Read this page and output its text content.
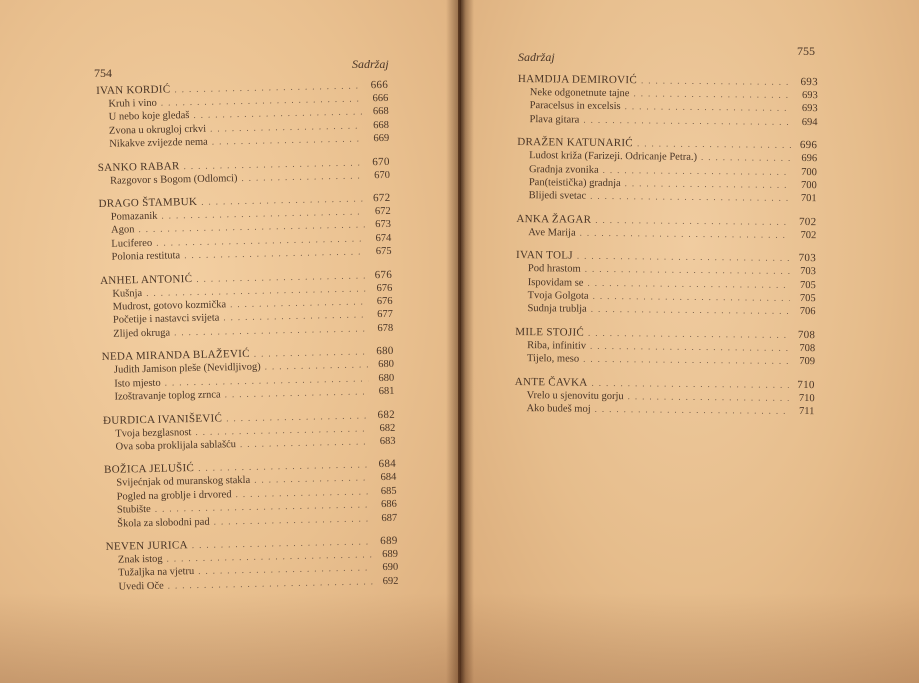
754
Sadržaj
IVAN KORDIĆ .....	666
Kruh i vino .....	666
U nebo koje gledaš .....	668
Zvona u okrugloj crkvi .....	668
Nikakve zvijezde nema .....	669
SANKO RABAR .....	670
Razgovor s Bogom (Odlomci) .....	670
DRAGO ŠTAMBUK .....	672
Pomazanik .....	672
Agon .....	673
Lucifereo .....	674
Polonia restituta .....	675
ANHEL ANTONIĆ .....	676
Kušnja .....	676
Mudrost, gotovo kozmička .....	676
Početije i nastavci svijeta .....	677
Zlijed okruga .....	678
NEDA MIRANDA BLAŽEVIĆ .....	680
Judith Jamison pleše (Nevidljivog) .....	680
Isto mjesto .....	680
Izoštravanje toplog zrnca .....	681
ĐURDICA IVANIŠEVIĆ .....	682
Tvoja bezglasnost .....	682
Ova soba proklijala sablašću .....	683
BOŽICA JELUŠIĆ .....	684
Svijećnjak od muranskog stakla .....	684
Pogled na groblje i drvored .....	685
Stubište .....	686
Škola za slobodni pad .....	687
NEVEN JURICA .....	689
Znak istog .....	689
Tužaljka na vjetru .....	690
Uvedi Oče .....	692
Sadržaj	755
HAMDIJA DEMIROVIĆ .....	693
Neke odgonetnute tajne .....	693
Paracelsus in excelsis .....	693
Plava gitara .....	694
DRAŽEN KATUNARIĆ .....	696
Ludost križa (Farizeji. Odricanje Petra.) .....	696
Gradnja zvonika .....	700
Pan(teistička) gradnja .....	700
Blijedi svetac .....	701
ANKA ŽAGAR .....	702
Ave Marija .....	702
IVAN TOLJ .....	703
Pod hrastom .....	703
Ispovidam se .....	705
Tvoja Golgota .....	705
Sudnja trublja .....	706
MILE STOJIĆ .....	708
Riba, infinitiv .....	708
Tijelo, meso .....	709
ANTE ČAVKA .....	710
Vrelo u sjenovitu gorju .....	710
Ako budeš moj .....	711
